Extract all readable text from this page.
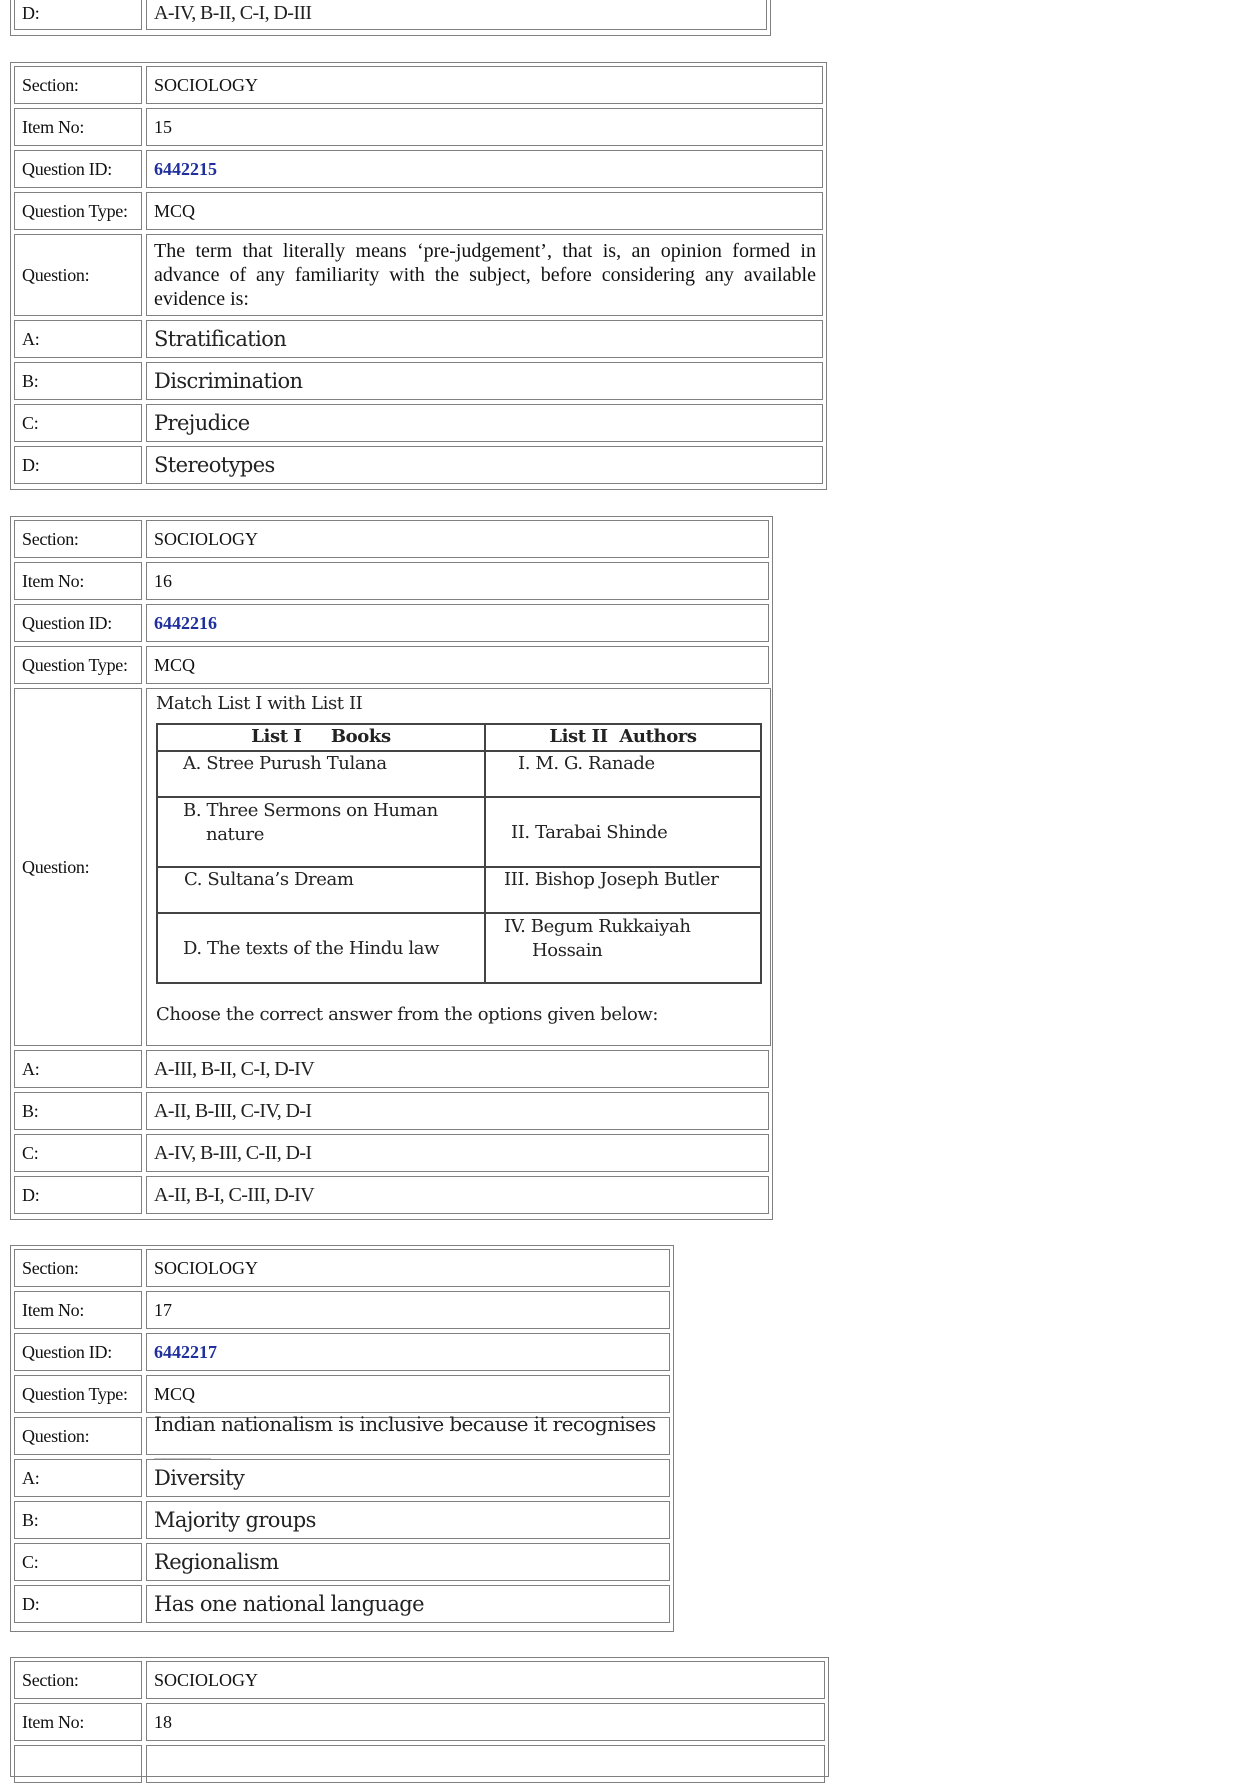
D:	A-IV, B-II, C-I, D-III
Section:	SOCIOLOGY
Item No:	15
Question ID:	6442215
Question Type:	MCQ
Question:
The term that literally means ‘pre-judgement’, that is, an opinion formed in advance of any familiarity with the subject, before considering any available evidence is:
A:	Stratification
B:	Discrimination
C:	Prejudice
D:	Stereotypes
Section:	SOCIOLOGY
Item No:	16
Question ID:	6442216
Question Type:	MCQ
Question:
Match List I with List II
List I     Books	List II  Authors
A. Stree Purush Tulana	I. M. G. Ranade
B. Three Sermons on Human nature	II. Tarabai Shinde
C. Sultana’s Dream	III. Bishop Joseph Butler
D. The texts of the Hindu law	IV. Begum Rukkaiyah Hossain
Choose the correct answer from the options given below:
A:	A-III, B-II, C-I, D-IV
B:	A-II, B-III, C-IV, D-I
C:	A-IV, B-III, C-II, D-I
D:	A-II, B-I, C-III, D-IV
Section:	SOCIOLOGY
Item No:	17
Question ID:	6442217
Question Type:	MCQ
Question:	Indian nationalism is inclusive because it recognises ______
A:	Diversity
B:	Majority groups
C:	Regionalism
D:	Has one national language
Section:	SOCIOLOGY
Item No:	18
